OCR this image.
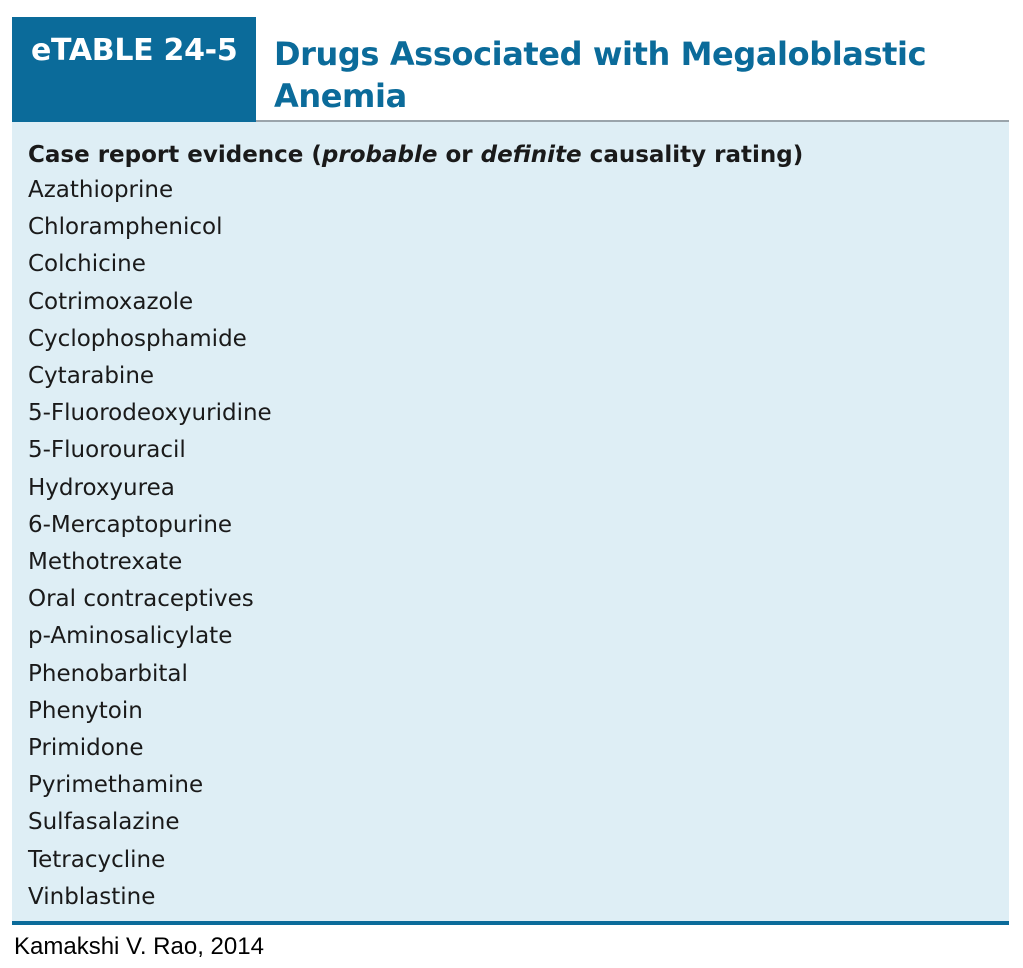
eTABLE 24-5	Drugs Associated with Megaloblastic Anemia

Case report evidence (probable or definite causality rating)

Azathioprine
Chloramphenicol
Colchicine
Cotrimoxazole
Cyclophosphamide
Cytarabine
5-Fluorodeoxyuridine
5-Fluorouracil
Hydroxyurea
6-Mercaptopurine
Methotrexate
Oral contraceptives
p-Aminosalicylate
Phenobarbital
Phenytoin
Primidone
Pyrimethamine
Sulfasalazine
Tetracycline
Vinblastine
Kamakshi V. Rao, 2014
